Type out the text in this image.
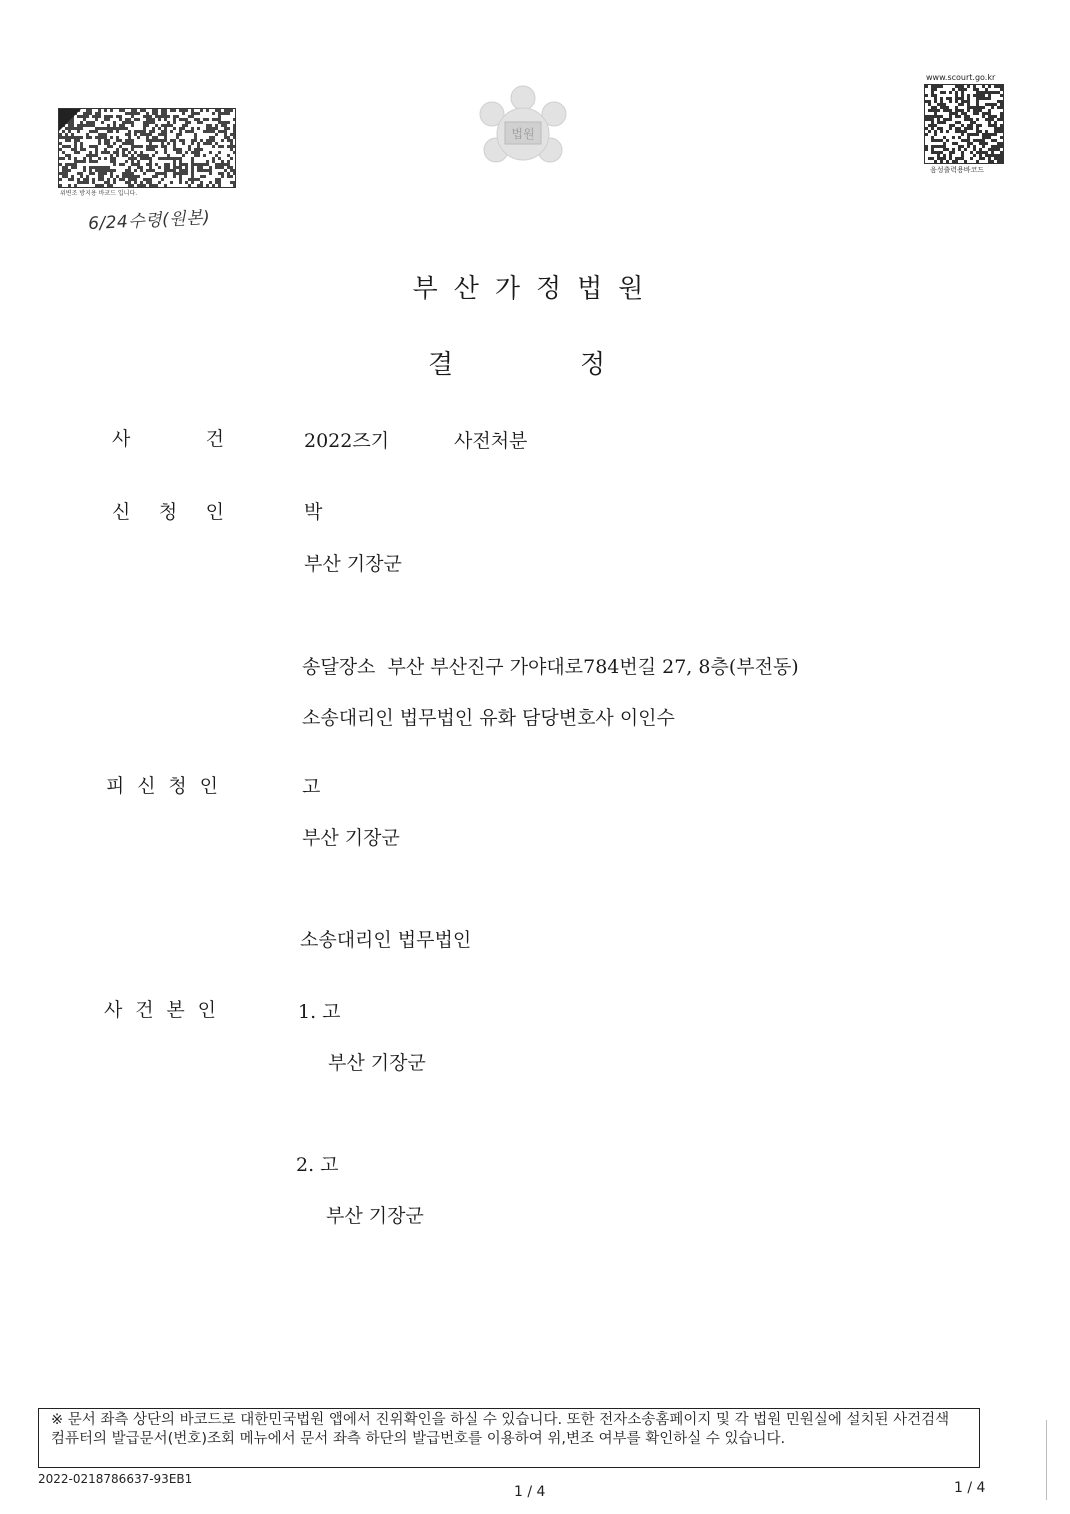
위변조 방지용 바코드 입니다.
6/24수령(원본)
법원
www.scourt.go.kr
음성출력용바코드
부산가정법원
결	정
사	건	2022즈기	사전처분
신 청 인	박
부산 기장군
송달장소  부산 부산진구 가야대로784번길 27, 8층(부전동)
소송대리인 법무법인 유화 담당변호사 이인수
피 신 청 인	고
부산 기장군
소송대리인 법무법인
사 건 본 인	1. 고
부산 기장군
2. 고
부산 기장군
※ 문서 좌측 상단의 바코드로 대한민국법원 앱에서 진위확인을 하실 수 있습니다. 또한 전자소송홈페이지 및 각 법원 민원실에 설치된 사건검색 컴퓨터의 발급문서(번호)조회 메뉴에서 문서 좌측 하단의 발급번호를 이용하여 위,변조 여부를 확인하실 수 있습니다.
2022-0218786637-93EB1
1 / 4	1 / 4
